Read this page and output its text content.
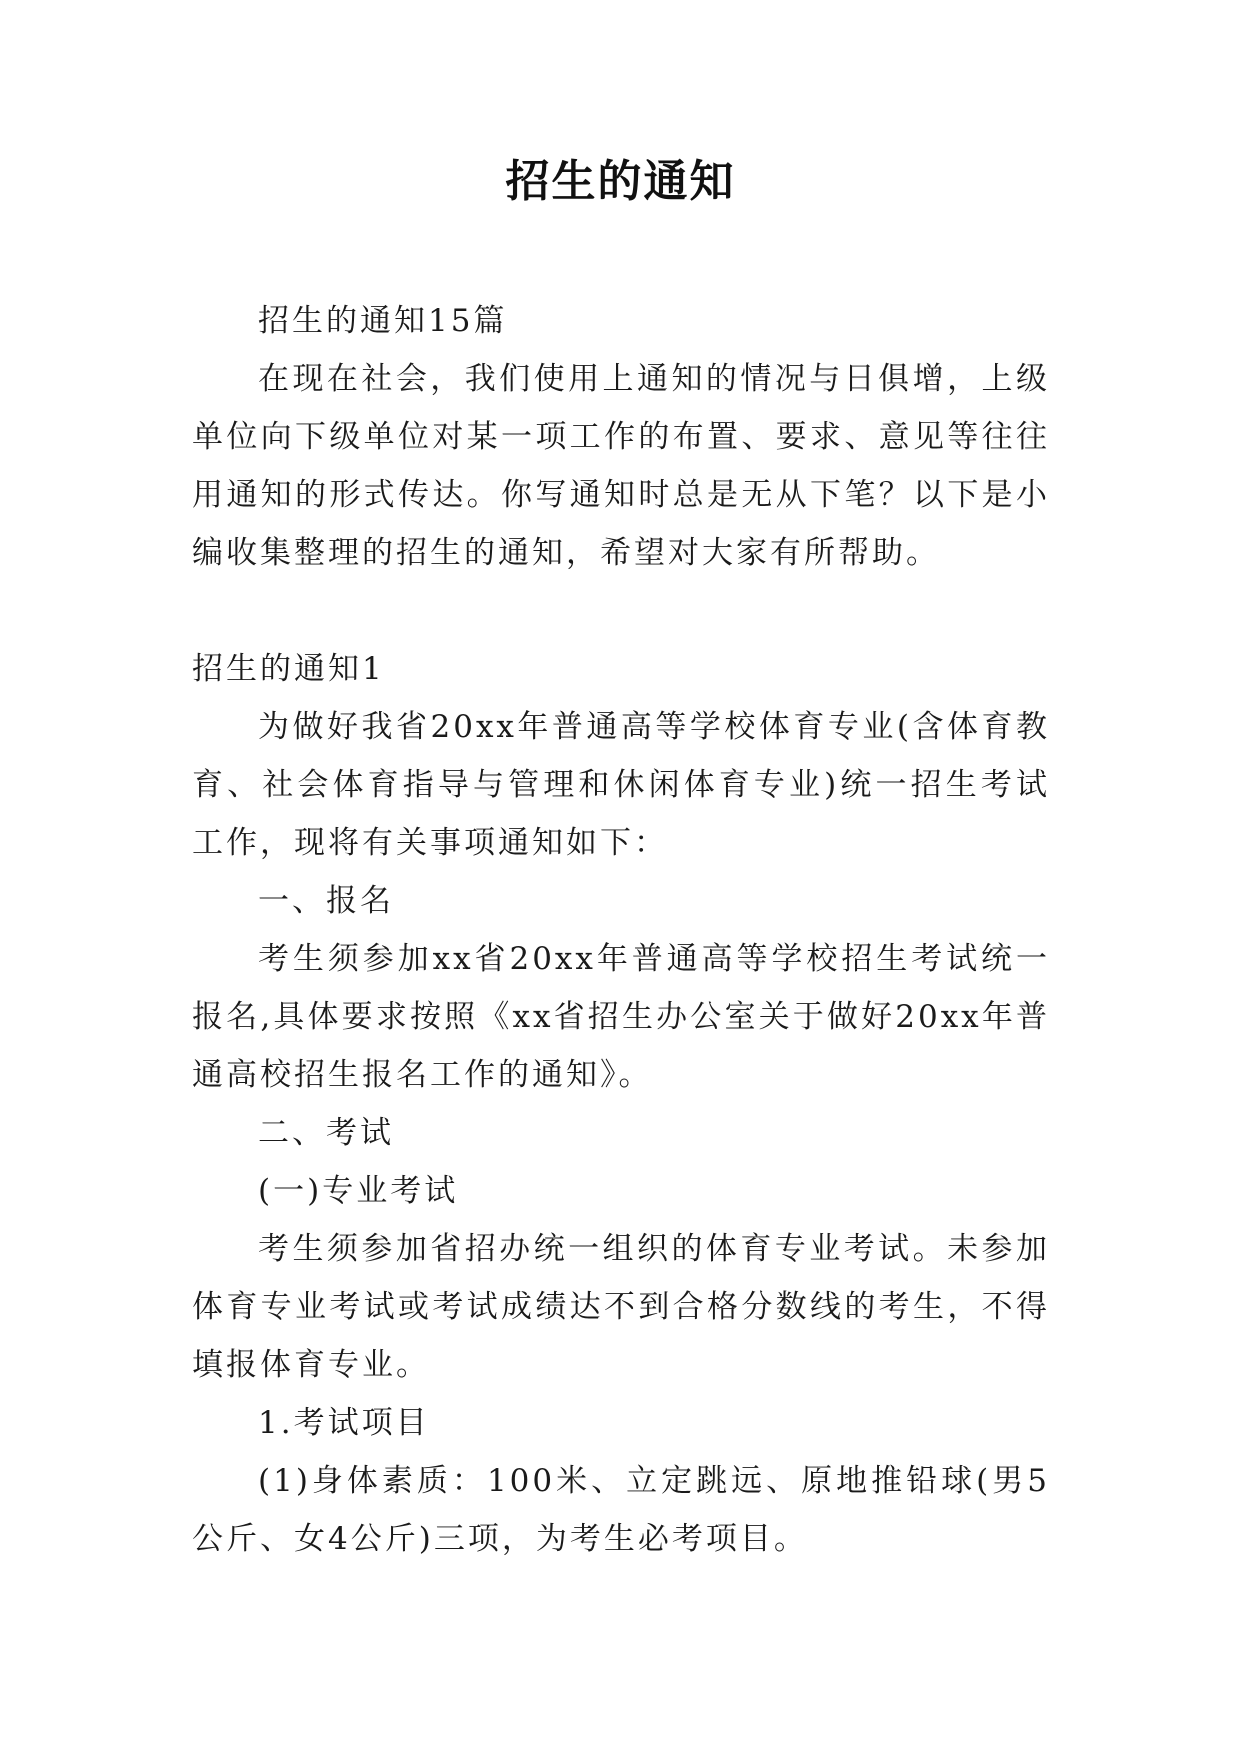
招生的通知

招生的通知15篇

在现在社会，我们使用上通知的情况与日俱增，上级单位向下级单位对某一项工作的布置、要求、意见等往往用通知的形式传达。你写通知时总是无从下笔？以下是小编收集整理的招生的通知，希望对大家有所帮助。

招生的通知1

为做好我省20xx年普通高等学校体育专业(含体育教育、社会体育指导与管理和休闲体育专业)统一招生考试工作，现将有关事项通知如下：

一、报名

考生须参加xx省20xx年普通高等学校招生考试统一报名,具体要求按照《xx省招生办公室关于做好20xx年普通高校招生报名工作的通知》。

二、考试

(一)专业考试

考生须参加省招办统一组织的体育专业考试。未参加体育专业考试或考试成绩达不到合格分数线的考生，不得填报体育专业。

1.考试项目

(1)身体素质：100米、立定跳远、原地推铅球(男5公斤、女4公斤)三项，为考生必考项目。
